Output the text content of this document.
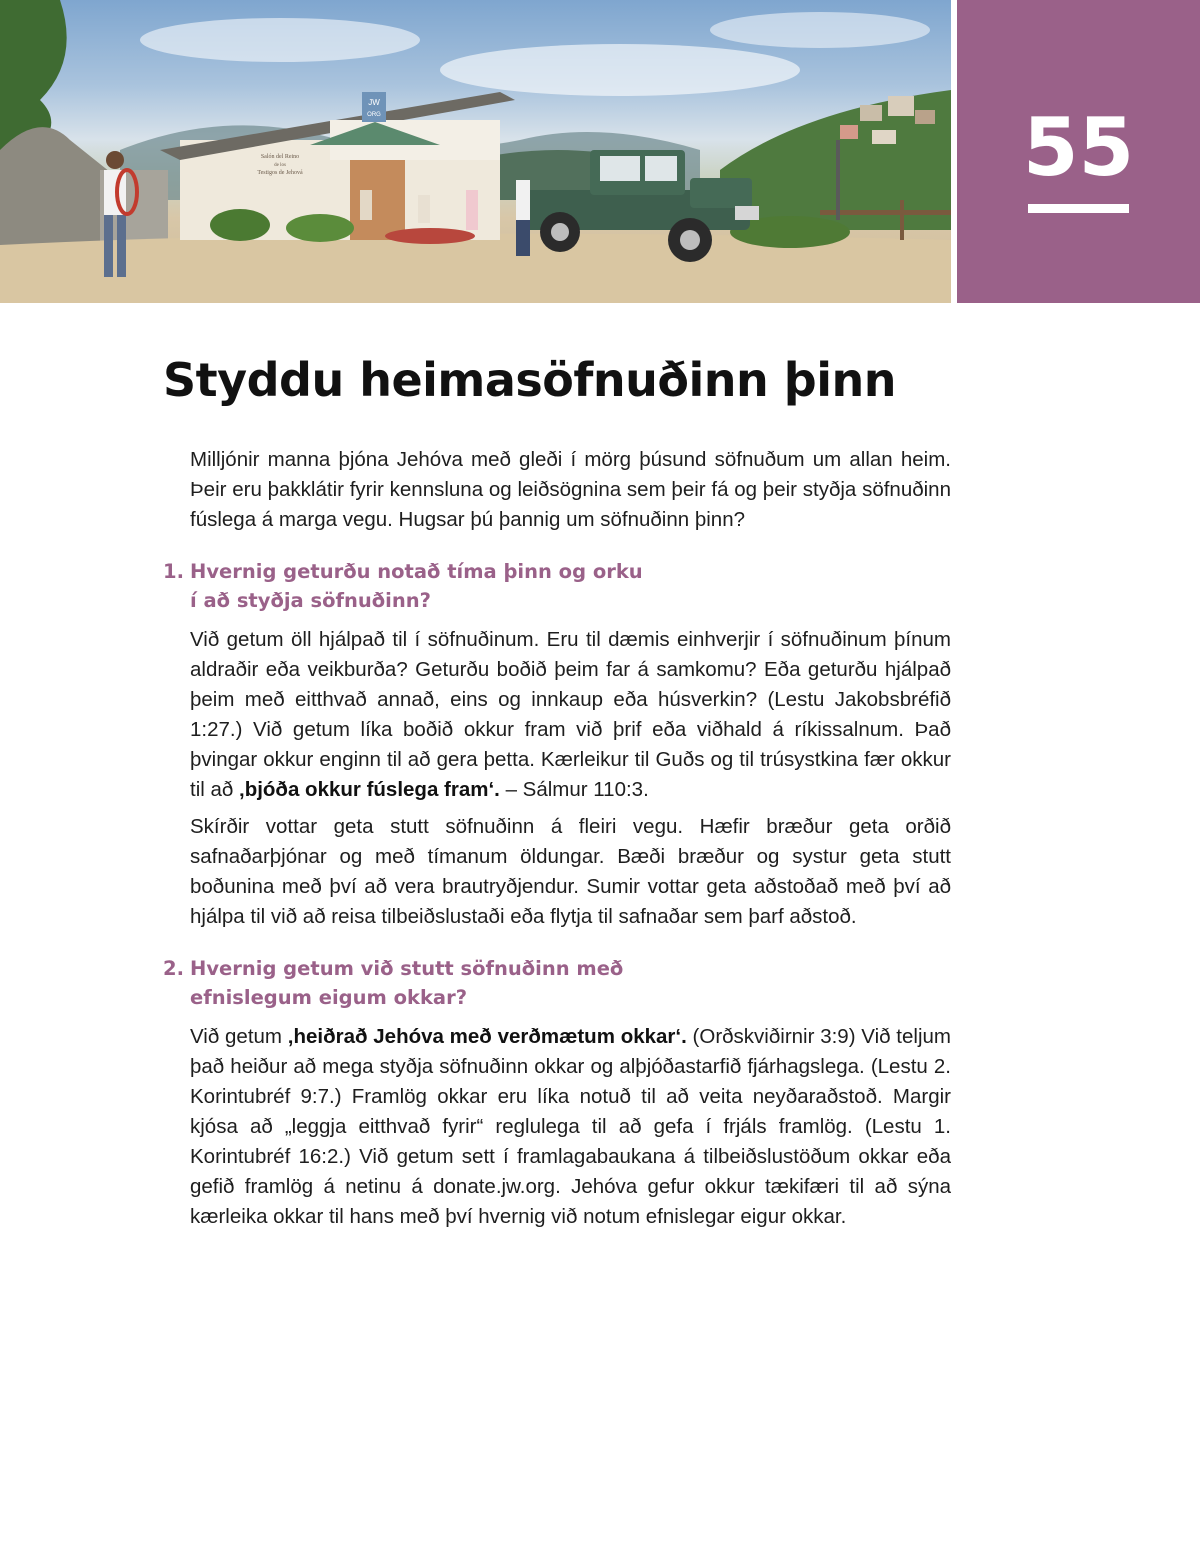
JW
ORG
Salón del Reino
de los
Testigos de Jehová	55
Styddu heimasöfnuðinn þinn

Milljónir manna þjóna Jehóva með gleði í mörg þúsund söfnuðum um allan heim. Þeir eru þakklátir fyrir kennsluna og leiðsögnina sem þeir fá og þeir styðja söfnuðinn fúslega á marga vegu. Hugsar þú þannig um söfnuðinn þinn?

1. Hvernig geturðu notað tíma þinn og orku í að styðja söfnuðinn?

Við getum öll hjálpað til í söfnuðinum. Eru til dæmis einhverjir í söfnuðinum þínum aldraðir eða veikburða? Geturðu boðið þeim far á samkomu? Eða geturðu hjálpað þeim með eitthvað annað, eins og innkaup eða húsverkin? (Lestu Jakobsbréfið 1:27.) Við getum líka boðið okkur fram við þrif eða viðhald á ríkissalnum. Það þvingar okkur enginn til að gera þetta. Kærleikur til Guðs og til trúsystkina fær okkur til að ‚bjóða okkur fúslega fram‘. – Sálmur 110:3.

Skírðir vottar geta stutt söfnuðinn á fleiri vegu. Hæfir bræður geta orðið safnaðarþjónar og með tímanum öldungar. Bæði bræður og systur geta stutt boðunina með því að vera brautryðjendur. Sumir vottar geta aðstoðað með því að hjálpa til við að reisa tilbeiðslustaði eða flytja til safnaðar sem þarf aðstoð.

2. Hvernig getum við stutt söfnuðinn með efnislegum eigum okkar?

Við getum ‚heiðrað Jehóva með verðmætum okkar‘. (Orðskviðirnir 3:9) Við teljum það heiður að mega styðja söfnuðinn okkar og alþjóðastarfið fjárhagslega. (Lestu 2. Korintubréf 9:7.) Framlög okkar eru líka notuð til að veita neyðaraðstoð. Margir kjósa að „leggja eitthvað fyrir“ reglulega til að gefa í frjáls framlög. (Lestu 1. Korintubréf 16:2.) Við getum sett í framlagabaukana á tilbeiðslustöðum okkar eða gefið framlög á netinu á donate.jw.org. Jehóva gefur okkur tækifæri til að sýna kærleika okkar til hans með því hvernig við notum efnislegar eigur okkar.
